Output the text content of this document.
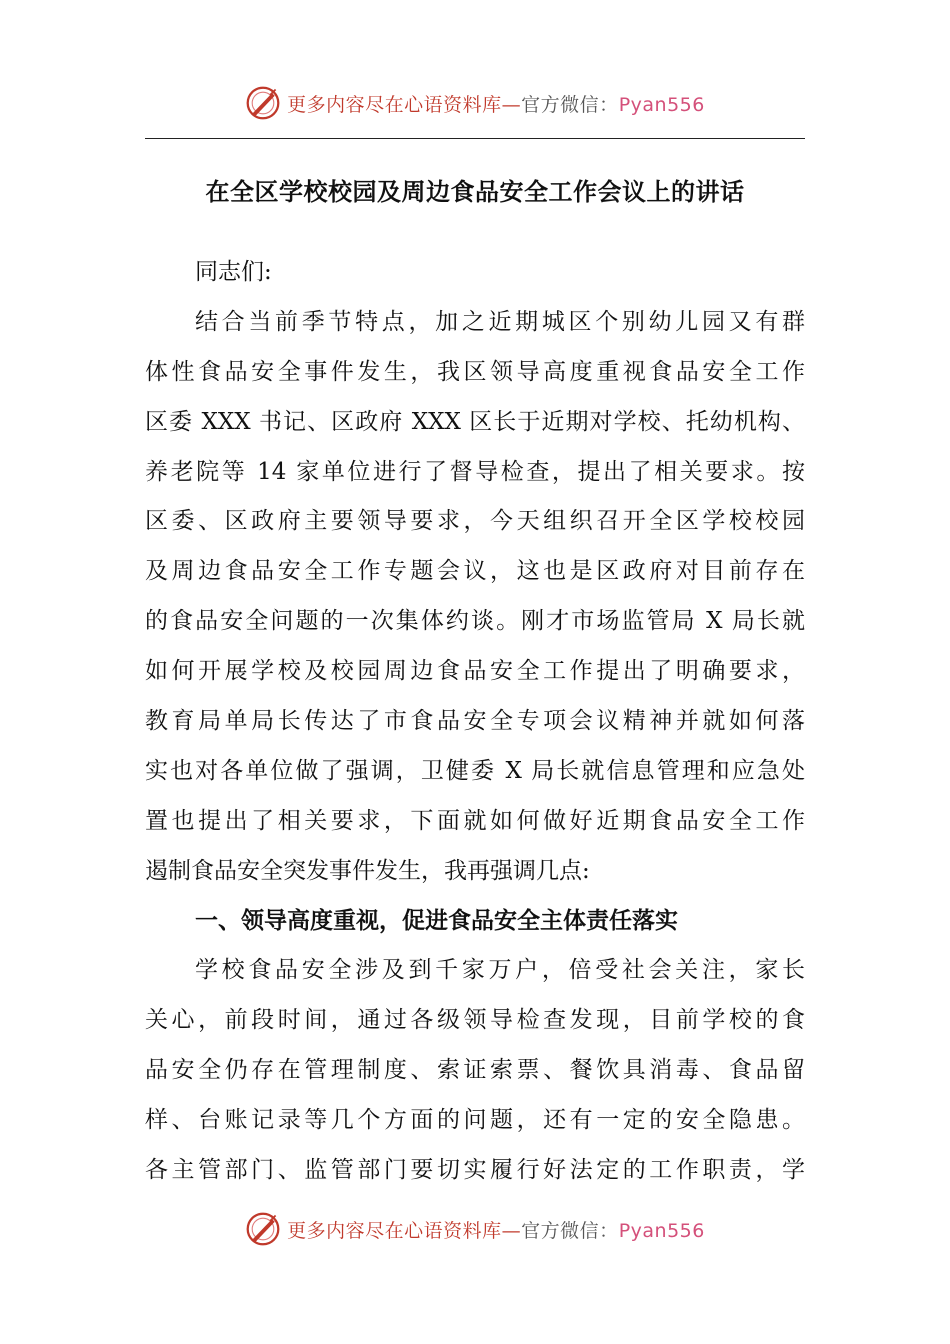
更多内容尽在心语资料库—官方微信：Pyan556
在全区学校校园及周边食品安全工作会议上的讲话
同志们:
结合当前季节特点，加之近期城区个别幼儿园又有群
体性食品安全事件发生，我区领导高度重视食品安全工作
区委 XXX 书记、区政府 XXX 区长于近期对学校、托幼机构、
养老院等 14 家单位进行了督导检查，提出了相关要求。按
区委、区政府主要领导要求，今天组织召开全区学校校园
及周边食品安全工作专题会议，这也是区政府对目前存在
的食品安全问题的一次集体约谈。刚才市场监管局 X 局长就
如何开展学校及校园周边食品安全工作提出了明确要求，
教育局单局长传达了市食品安全专项会议精神并就如何落
实也对各单位做了强调，卫健委 X 局长就信息管理和应急处
置也提出了相关要求，下面就如何做好近期食品安全工作
遏制食品安全突发事件发生，我再强调几点:
一、领导高度重视，促进食品安全主体责任落实
学校食品安全涉及到千家万户，倍受社会关注，家长
关心，前段时间，通过各级领导检查发现，目前学校的食
品安全仍存在管理制度、索证索票、餐饮具消毒、食品留
样、台账记录等几个方面的问题，还有一定的安全隐患。
各主管部门、监管部门要切实履行好法定的工作职责，学
更多内容尽在心语资料库—官方微信：Pyan556
